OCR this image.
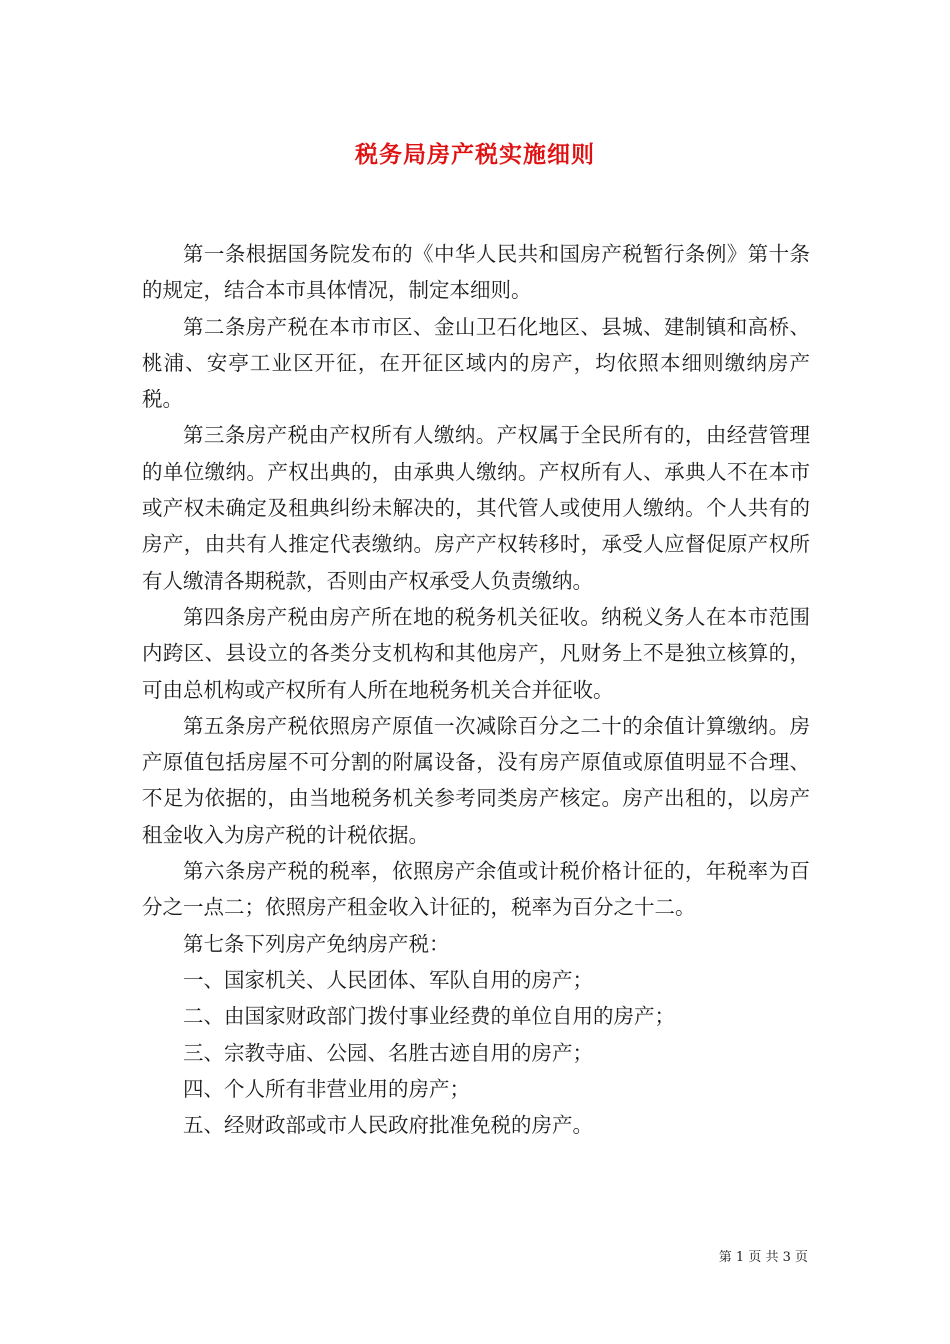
税务局房产税实施细则

第一条根据国务院发布的《中华人民共和国房产税暂行条例》第十条的规定，结合本市具体情况，制定本细则。

第二条房产税在本市市区、金山卫石化地区、县城、建制镇和高桥、桃浦、安亭工业区开征，在开征区域内的房产，均依照本细则缴纳房产税。

第三条房产税由产权所有人缴纳。产权属于全民所有的，由经营管理的单位缴纳。产权出典的，由承典人缴纳。产权所有人、承典人不在本市或产权未确定及租典纠纷未解决的，其代管人或使用人缴纳。个人共有的房产，由共有人推定代表缴纳。房产产权转移时，承受人应督促原产权所有人缴清各期税款，否则由产权承受人负责缴纳。

第四条房产税由房产所在地的税务机关征收。纳税义务人在本市范围内跨区、县设立的各类分支机构和其他房产，凡财务上不是独立核算的，可由总机构或产权所有人所在地税务机关合并征收。

第五条房产税依照房产原值一次减除百分之二十的余值计算缴纳。房产原值包括房屋不可分割的附属设备，没有房产原值或原值明显不合理、不足为依据的，由当地税务机关参考同类房产核定。房产出租的，以房产租金收入为房产税的计税依据。

第六条房产税的税率，依照房产余值或计税价格计征的，年税率为百分之一点二；依照房产租金收入计征的，税率为百分之十二。

第七条下列房产免纳房产税：

一、国家机关、人民团体、军队自用的房产；

二、由国家财政部门拨付事业经费的单位自用的房产；

三、宗教寺庙、公园、名胜古迹自用的房产；

四、个人所有非营业用的房产；

五、经财政部或市人民政府批准免税的房产。

第 1 页 共 3 页
